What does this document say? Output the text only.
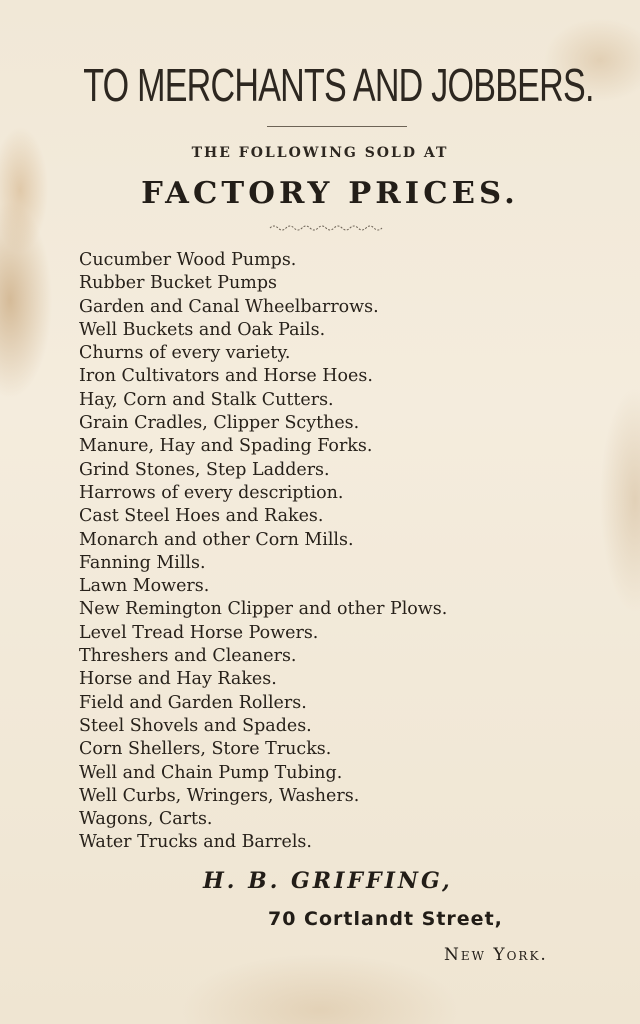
TO MERCHANTS AND JOBBERS.
THE FOLLOWING SOLD AT
FACTORY PRICES.
Cucumber Wood Pumps.
Rubber Bucket Pumps
Garden and Canal Wheelbarrows.
Well Buckets and Oak Pails.
Churns of every variety.
Iron Cultivators and Horse Hoes.
Hay, Corn and Stalk Cutters.
Grain Cradles, Clipper Scythes.
Manure, Hay and Spading Forks.
Grind Stones, Step Ladders.
Harrows of every description.
Cast Steel Hoes and Rakes.
Monarch and other Corn Mills.
Fanning Mills.
Lawn Mowers.
New Remington Clipper and other Plows.
Level Tread Horse Powers.
Threshers and Cleaners.
Horse and Hay Rakes.
Field and Garden Rollers.
Steel Shovels and Spades.
Corn Shellers, Store Trucks.
Well and Chain Pump Tubing.
Well Curbs, Wringers, Washers.
Wagons, Carts.
Water Trucks and Barrels.
H. B. GRIFFING,
70 Cortlandt Street,
New York.
